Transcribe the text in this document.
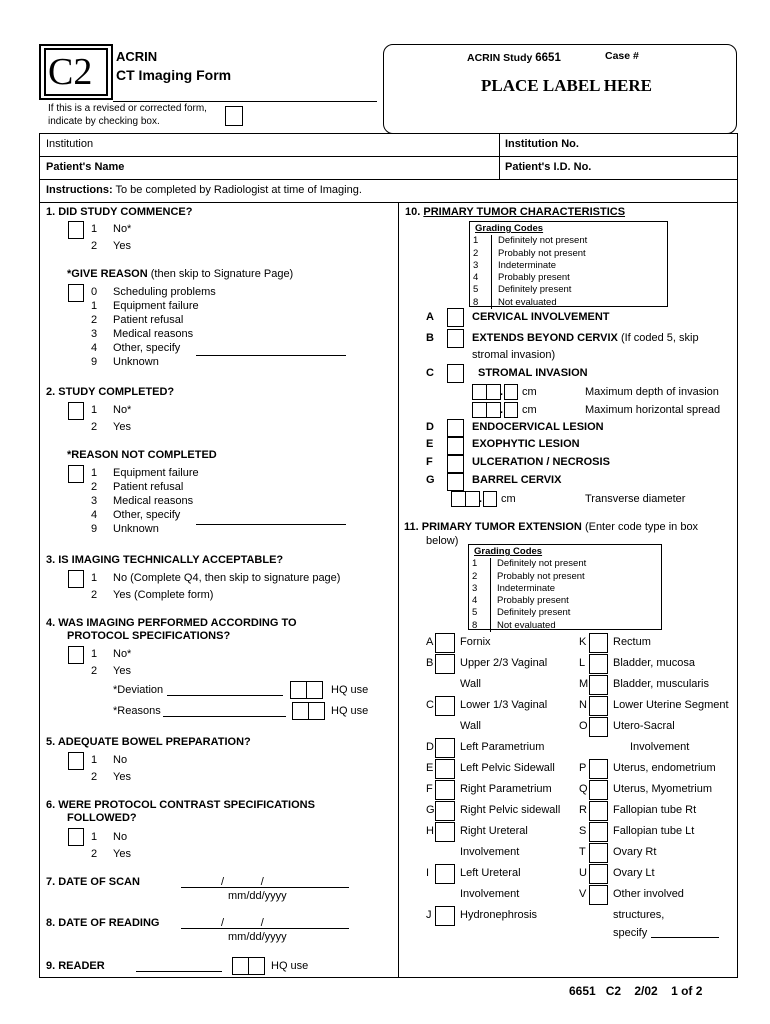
C2 ACRIN
CT Imaging Form
If this is a revised or corrected form,
indicate by checking box.
ACRIN Study 6651	Case #
PLACE LABEL HERE
Institution	Institution No.
Patient's Name	Patient's I.D. No.
Instructions: To be completed by Radiologist at time of Imaging.
1. DID STUDY COMMENCE?
1 No*
2 Yes
*GIVE REASON (then skip to Signature Page)
0 Scheduling problems
1 Equipment failure
2 Patient refusal
3 Medical reasons
4 Other, specify
9 Unknown
2. STUDY COMPLETED?
1 No*
2 Yes
*REASON NOT COMPLETED
1 Equipment failure
2 Patient refusal
3 Medical reasons
4 Other, specify
9 Unknown
3. IS IMAGING TECHNICALLY ACCEPTABLE?
1 No (Complete Q4, then skip to signature page)
2 Yes (Complete form)
4. WAS IMAGING PERFORMED ACCORDING TO
PROTOCOL SPECIFICATIONS?
1 No*
2 Yes
*Deviation	HQ use
*Reasons	HQ use
5. ADEQUATE BOWEL PREPARATION?
1 No
2 Yes
6. WERE PROTOCOL CONTRAST SPECIFICATIONS
FOLLOWED?
1 No
2 Yes
7. DATE OF SCAN	/            /
mm/dd/yyyy
8. DATE OF READING	/            /
mm/dd/yyyy
9. READER	HQ use
10. PRIMARY TUMOR CHARACTERISTICS
Grading Codes
1	Definitely not present
2	Probably not present
3	Indeterminate
4	Probably present
5	Definitely present
8	Not evaluated
A	CERVICAL INVOLVEMENT
B	EXTENDS BEYOND CERVIX (If coded 5, skip
stromal invasion)
C	STROMAL INVASION
. cm	Maximum depth of invasion
. cm	Maximum horizontal spread
D	ENDOCERVICAL LESION
E	EXOPHYTIC LESION
F	ULCERATION / NECROSIS
G	BARREL CERVIX
. cm	Transverse diameter
11. PRIMARY TUMOR EXTENSION (Enter code type in box
below)
Grading Codes
1	Definitely not present
2	Probably not present
3	Indeterminate
4	Probably present
5	Definitely present
8	Not evaluated
A Fornix
B Upper 2/3 Vaginal
Wall
C Lower 1/3 Vaginal
Wall
D Left Parametrium
E Left Pelvic Sidewall
F Right Parametrium
G Right Pelvic sidewall
H Right Ureteral
Involvement
I	Left Ureteral
Involvement
J	Hydronephrosis
K Rectum
L	Bladder, mucosa
M Bladder, muscularis
N Lower Uterine Segment
O Utero-Sacral
Involvement
P Uterus, endometrium
Q Uterus, Myometrium
R Fallopian tube Rt
S Fallopian tube Lt
T Ovary Rt
U Ovary Lt
V Other involved
structures,
specify
6651   C2    2/02    1 of 2
